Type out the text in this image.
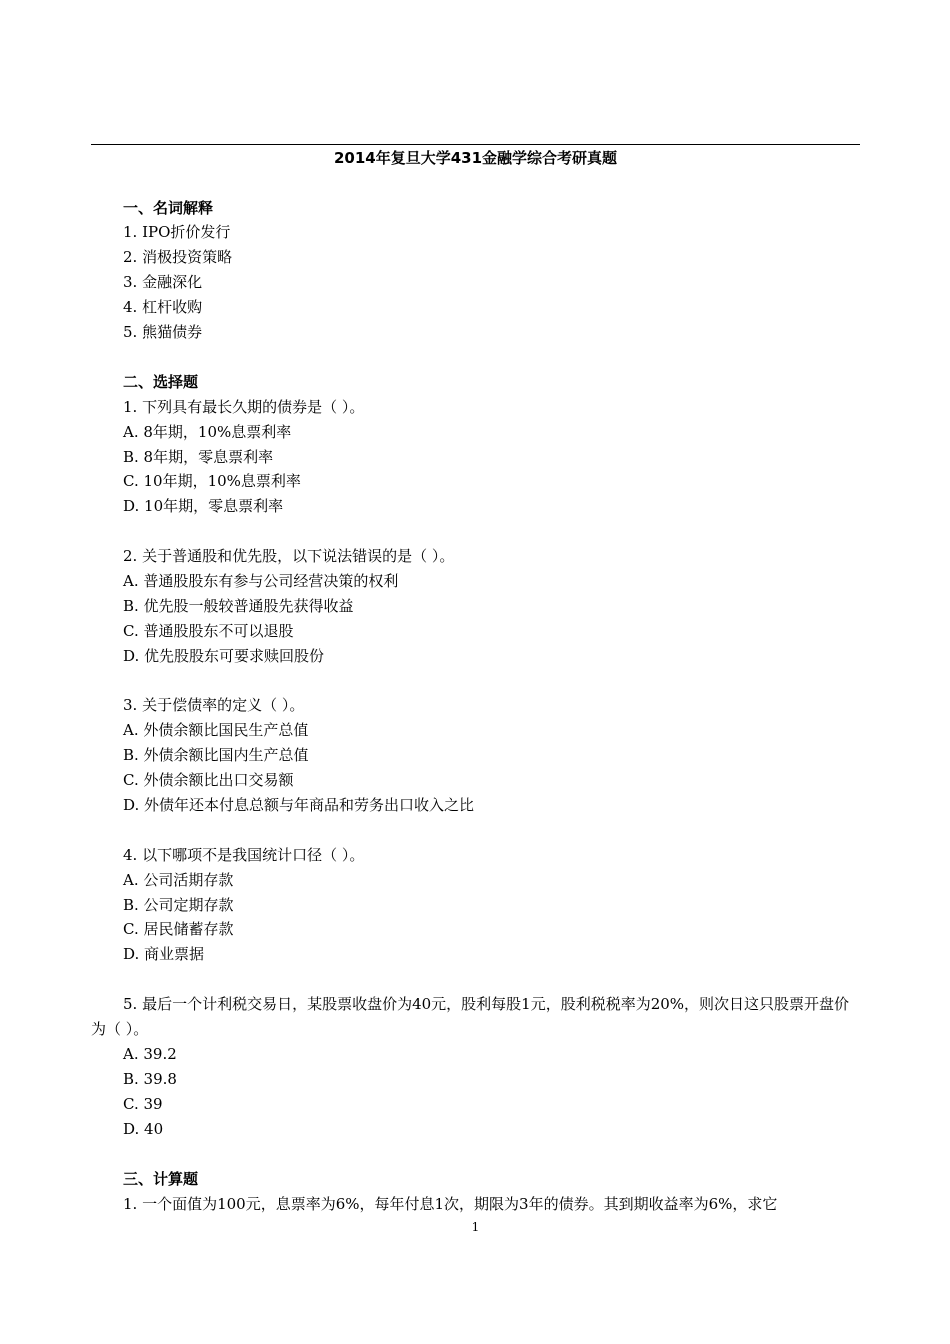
2014年复旦大学431金融学综合考研真题
一、名词解释
1. IPO折价发行
2. 消极投资策略
3. 金融深化
4. 杠杆收购
5. 熊猫债券
二、选择题
1. 下列具有最长久期的债券是（ ）。
A. 8年期，10%息票利率
B. 8年期，零息票利率
C. 10年期，10%息票利率
D. 10年期，零息票利率
2. 关于普通股和优先股，以下说法错误的是（ ）。
A. 普通股股东有参与公司经营决策的权利
B. 优先股一般较普通股先获得收益
C. 普通股股东不可以退股
D. 优先股股东可要求赎回股份
3. 关于偿债率的定义（ ）。
A. 外债余额比国民生产总值
B. 外债余额比国内生产总值
C. 外债余额比出口交易额
D. 外债年还本付息总额与年商品和劳务出口收入之比
4. 以下哪项不是我国统计口径（ ）。
A. 公司活期存款
B. 公司定期存款
C. 居民储蓄存款
D. 商业票据
5. 最后一个计利税交易日，某股票收盘价为40元，股利每股1元，股利税税率为20%，则次日这只股票开盘价为（ ）。
A. 39.2
B. 39.8
C. 39
D. 40
三、计算题
1. 一个面值为100元，息票率为6%，每年付息1次，期限为3年的债券。其到期收益率为6%，求它
1
